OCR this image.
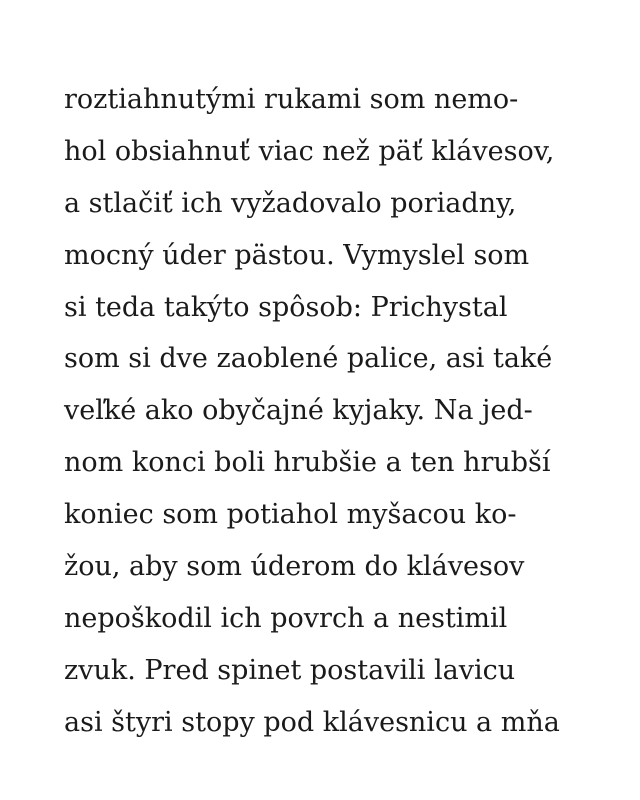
roztiahnutými rukami som nemo-
hol obsiahnuť viac než päť klávesov,
a stlačiť ich vyžadovalo poriadny,
mocný úder pästou. Vymyslel som
si teda takýto spôsob: Prichystal
som si dve zaoblené palice, asi také
veľké ako obyčajné kyjaky. Na jed-
nom konci boli hrubšie a ten hrubší
koniec som potiahol myšacou ko-
žou, aby som úderom do klávesov
nepoškodil ich povrch a nestimil
zvuk. Pred spinet postavili lavicu
asi štyri stopy pod klávesnicu a mňa
